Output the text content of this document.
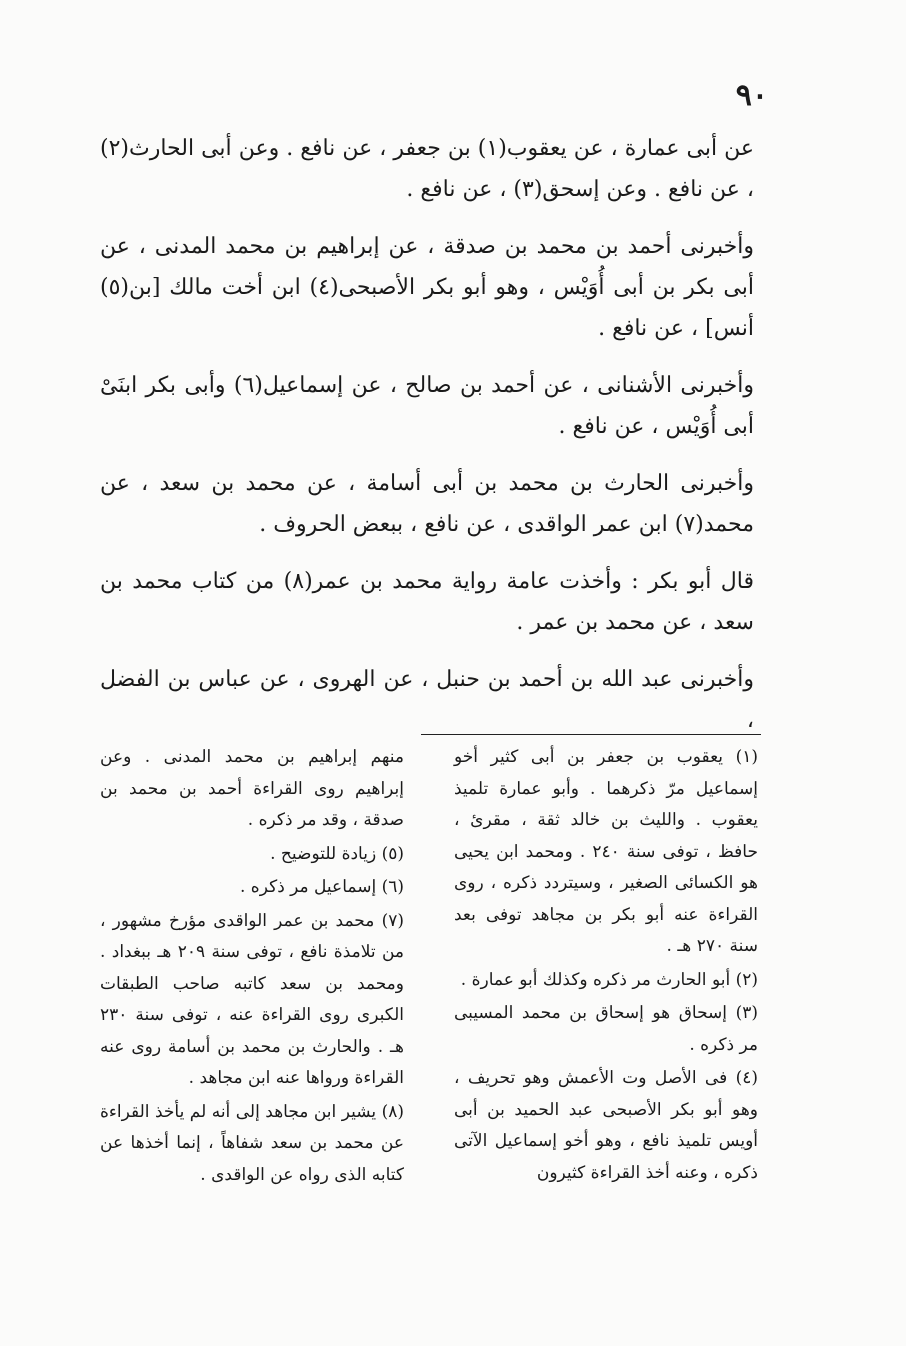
٩٠

عن أبى عمارة ، عن يعقوب(١) بن جعفر ، عن نافع . وعن أبى الحارث(٢) ، عن نافع . وعن إسحق(٣) ، عن نافع .

وأخبرنى أحمد بن محمد بن صدقة ، عن إبراهيم بن محمد المدنى ، عن أبى بكر بن أبى أُوَيْس ، وهو أبو بكر الأصبحى(٤) ابن أخت مالك [بن(٥) أنس] ، عن نافع .

وأخبرنى الأشنانى ، عن أحمد بن صالح ، عن إسماعيل(٦) وأبى بكر ابنَىْ أبى أُوَيْس ، عن نافع .

وأخبرنى الحارث بن محمد بن أبى أسامة ، عن محمد بن سعد ، عن محمد(٧) ابن عمر الواقدى ، عن نافع ، ببعض الحروف .

قال أبو بكر : وأخذت عامة رواية محمد بن عمر(٨) من كتاب محمد بن سعد ، عن محمد بن عمر .

وأخبرنى عبد الله بن أحمد بن حنبل ، عن الهروى ، عن عباس بن الفضل ،

(١) يعقوب بن جعفر بن أبى كثير أخو إسماعيل مرّ ذكرهما . وأبو عمارة تلميذ يعقوب . والليث بن خالد ثقة ، مقرئ ، حافظ ، توفى سنة ٢٤٠ . ومحمد ابن يحيى هو الكسائى الصغير ، وسيتردد ذكره ، روى القراءة عنه أبو بكر بن مجاهد توفى بعد سنة ٢٧٠ هـ .

(٢) أبو الحارث مر ذكره وكذلك أبو عمارة .

(٣) إسحاق هو إسحاق بن محمد المسيبى مر ذكره .

(٤) فى الأصل وت الأعمش وهو تحريف ، وهو أبو بكر الأصبحى عبد الحميد بن أبى أويس تلميذ نافع ، وهو أخو إسماعيل الآتى ذكره ، وعنه أخذ القراءة كثيرون

منهم إبراهيم بن محمد المدنى . وعن إبراهيم روى القراءة أحمد بن محمد بن صدقة ، وقد مر ذكره .

(٥) زيادة للتوضيح .

(٦) إسماعيل مر ذكره .

(٧) محمد بن عمر الواقدى مؤرخ مشهور ، من تلامذة نافع ، توفى سنة ٢٠٩ هـ ببغداد . ومحمد بن سعد كاتبه صاحب الطبقات الكبرى روى القراءة عنه ، توفى سنة ٢٣٠ هـ . والحارث بن محمد بن أسامة روى عنه القراءة ورواها عنه ابن مجاهد .

(٨) يشير ابن مجاهد إلى أنه لم يأخذ القراءة عن محمد بن سعد شفاهاً ، إنما أخذها عن كتابه الذى رواه عن الواقدى .
